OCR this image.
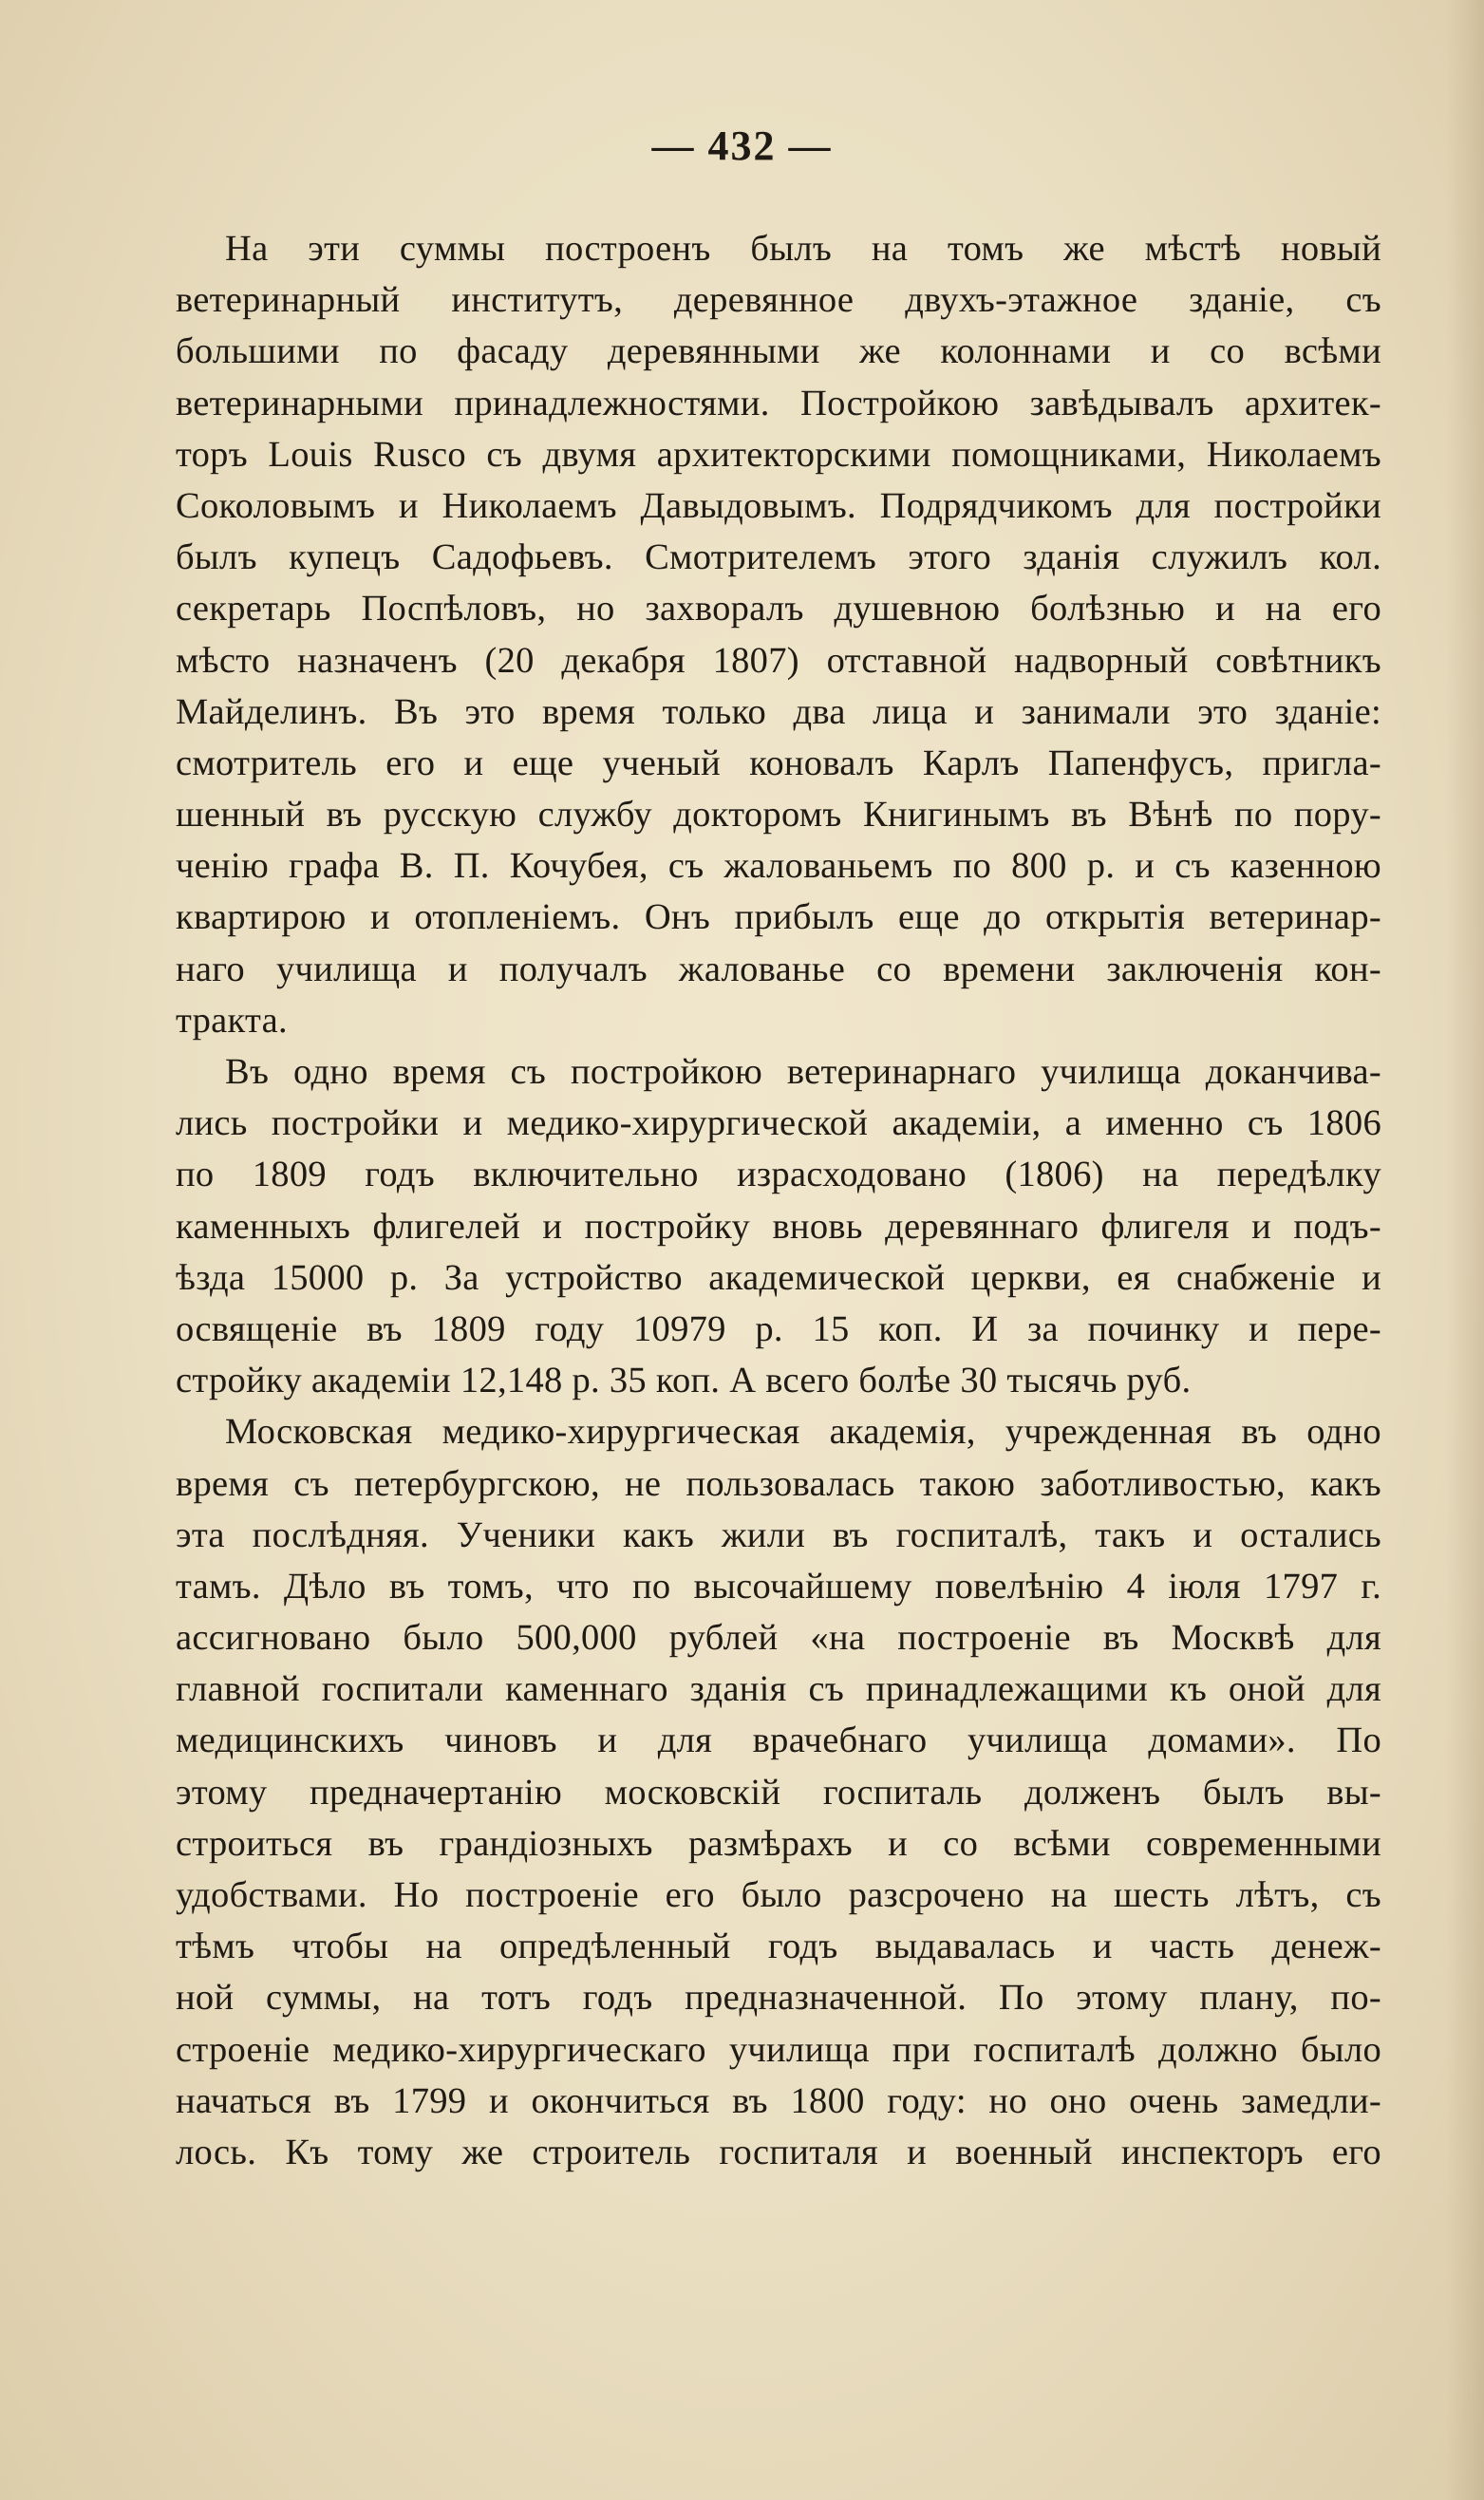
— 432 —
На эти суммы построенъ былъ на томъ же мѣстѣ новый
ветеринарный институтъ, деревянное двухъ-этажное зданіе, съ
большими по фасаду деревянными же колоннами и со всѣми
ветеринарными принадлежностями. Постройкою завѣдывалъ архитек-
торъ Louis Rusco съ двумя архитекторскими помощниками, Николаемъ
Соколовымъ и Николаемъ Давыдовымъ. Подрядчикомъ для постройки
былъ купецъ Садофьевъ. Смотрителемъ этого зданія служилъ кол.
секретарь Поспѣловъ, но захворалъ душевною болѣзнью и на его
мѣсто назначенъ (20 декабря 1807) отставной надворный совѣтникъ
Майделинъ. Въ это время только два лица и занимали это зданіе:
смотритель его и еще ученый коновалъ Карлъ Папенфусъ, пригла-
шенный въ русскую службу докторомъ Книгинымъ въ Вѣнѣ по пору-
ченію графа В. П. Кочубея, съ жалованьемъ по 800 р. и съ казенною
квартирою и отопленіемъ. Онъ прибылъ еще до открытія ветеринар-
наго училища и получалъ жалованье со времени заключенія кон-
тракта.
Въ одно время съ постройкою ветеринарнаго училища доканчива-
лись постройки и медико-хирургической академіи, а именно съ 1806
по 1809 годъ включительно израсходовано (1806) на передѣлку
каменныхъ флигелей и постройку вновь деревяннаго флигеля и подъ-
ѣзда 15000 р. За устройство академической церкви, ея снабженіе и
освященіе въ 1809 году 10979 р. 15 коп. И за починку и пере-
стройку академіи 12,148 р. 35 коп. А всего болѣе 30 тысячь руб.
Московская медико-хирургическая академія, учрежденная въ одно
время съ петербургскою, не пользовалась такою заботливостью, какъ
эта послѣдняя. Ученики какъ жили въ госпиталѣ, такъ и остались
тамъ. Дѣло въ томъ, что по высочайшему повелѣнію 4 іюля 1797 г.
ассигновано было 500,000 рублей «на построеніе въ Москвѣ для
главной госпитали каменнаго зданія съ принадлежащими къ оной для
медицинскихъ чиновъ и для врачебнаго училища домами». По
этому предначертанію московскій госпиталь долженъ былъ вы-
строиться въ грандіозныхъ размѣрахъ и со всѣми современными
удобствами. Но построеніе его было разсрочено на шесть лѣтъ, съ
тѣмъ чтобы на опредѣленный годъ выдавалась и часть денеж-
ной суммы, на тотъ годъ предназначенной. По этому плану, по-
строеніе медико-хирургическаго училища при госпиталѣ должно было
начаться въ 1799 и окончиться въ 1800 году: но оно очень замедли-
лось. Къ тому же строитель госпиталя и военный инспекторъ его
